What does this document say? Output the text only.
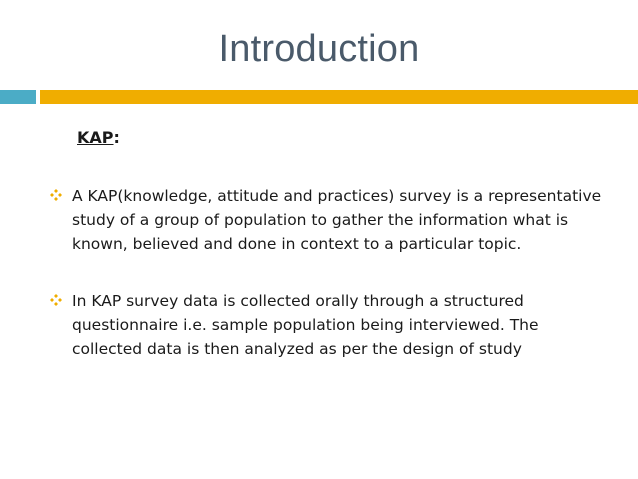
Introduction
KAP:
A KAP(knowledge, attitude and practices) survey is a representative
study of a group of population to gather the information what is
known, believed and done in context to a particular topic.
In KAP survey data is collected orally through a structured
questionnaire i.e. sample population being interviewed. The
collected data is then analyzed as per the design of study
